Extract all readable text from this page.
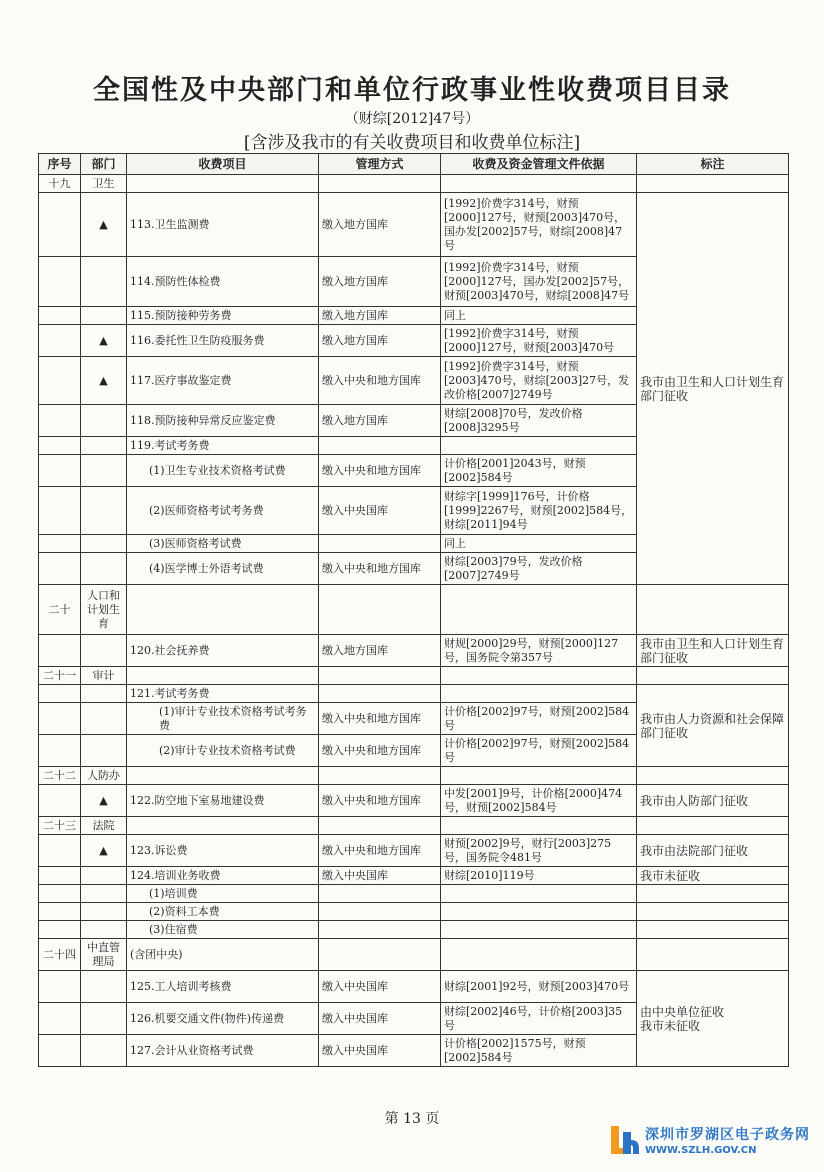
全国性及中央部门和单位行政事业性收费项目目录
（财综[2012]47号）
[含涉及我市的有关收费项目和收费单位标注]
序号	部门	收费项目	管理方式	收费及资金管理文件依据	标注
十九	卫生				
	▲	113.卫生监测费	缴入地方国库	[1992]价费字314号，财预[2000]127号，财预[2003]470号，国办发[2002]57号，财综[2008]47号	我市由卫生和人口计划生育部门征收
		114.预防性体检费	缴入地方国库	[1992]价费字314号，财预[2000]127号，国办发[2002]57号，财预[2003]470号，财综[2008]47号	
		115.预防接种劳务费	缴入地方国库	同上	
	▲	116.委托性卫生防疫服务费	缴入地方国库	[1992]价费字314号，财预[2000]127号，财预[2003]470号	
	▲	117.医疗事故鉴定费	缴入中央和地方国库	[1992]价费字314号，财预[2003]470号，财综[2003]27号，发改价格[2007]2749号	
		118.预防接种异常反应鉴定费	缴入地方国库	财综[2008]70号，发改价格[2008]3295号	
		119.考试考务费			
		(1)卫生专业技术资格考试费	缴入中央和地方国库	计价格[2001]2043号，财预[2002]584号	
		(2)医师资格考试考务费	缴入中央国库	财综字[1999]176号，计价格[1999]2267号，财预[2002]584号，财综[2011]94号	
		(3)医师资格考试费		同上	
		(4)医学博士外语考试费	缴入中央和地方国库	财综[2003]79号，发改价格[2007]2749号	
二十	人口和计划生育				
		120.社会抚养费	缴入地方国库	财规[2000]29号，财预[2000]127号，国务院令第357号	我市由卫生和人口计划生育部门征收
二十一	审计				
		121.考试考务费			我市由人力资源和社会保障部门征收
		(1)审计专业技术资格考试考务费	缴入中央和地方国库	计价格[2002]97号，财预[2002]584号	
		(2)审计专业技术资格考试费	缴入中央和地方国库	计价格[2002]97号，财预[2002]584号	
二十二	人防办				
	▲	122.防空地下室易地建设费	缴入中央和地方国库	中发[2001]9号，计价格[2000]474号，财预[2002]584号	我市由人防部门征收
二十三	法院				
	▲	123.诉讼费	缴入中央和地方国库	财预[2002]9号，财行[2003]275号，国务院令481号	我市由法院部门征收
		124.培训业务收费	缴入中央国库	财综[2010]119号	我市未征收
		(1)培训费			
		(2)资料工本费			
		(3)住宿费			
二十四	中直管理局	(含团中央)			
		125.工人培训考核费	缴入中央国库	财综[2001]92号，财预[2003]470号	由中央单位征收
我市未征收
		126.机要交通文件(物件)传递费	缴入中央国库	财综[2002]46号，计价格[2003]35号	
		127.会计从业资格考试费	缴入中央国库	计价格[2002]1575号，财预[2002]584号	
第 13 页
深圳市罗湖区电子政务网
WWW.SZLH.GOV.CN
